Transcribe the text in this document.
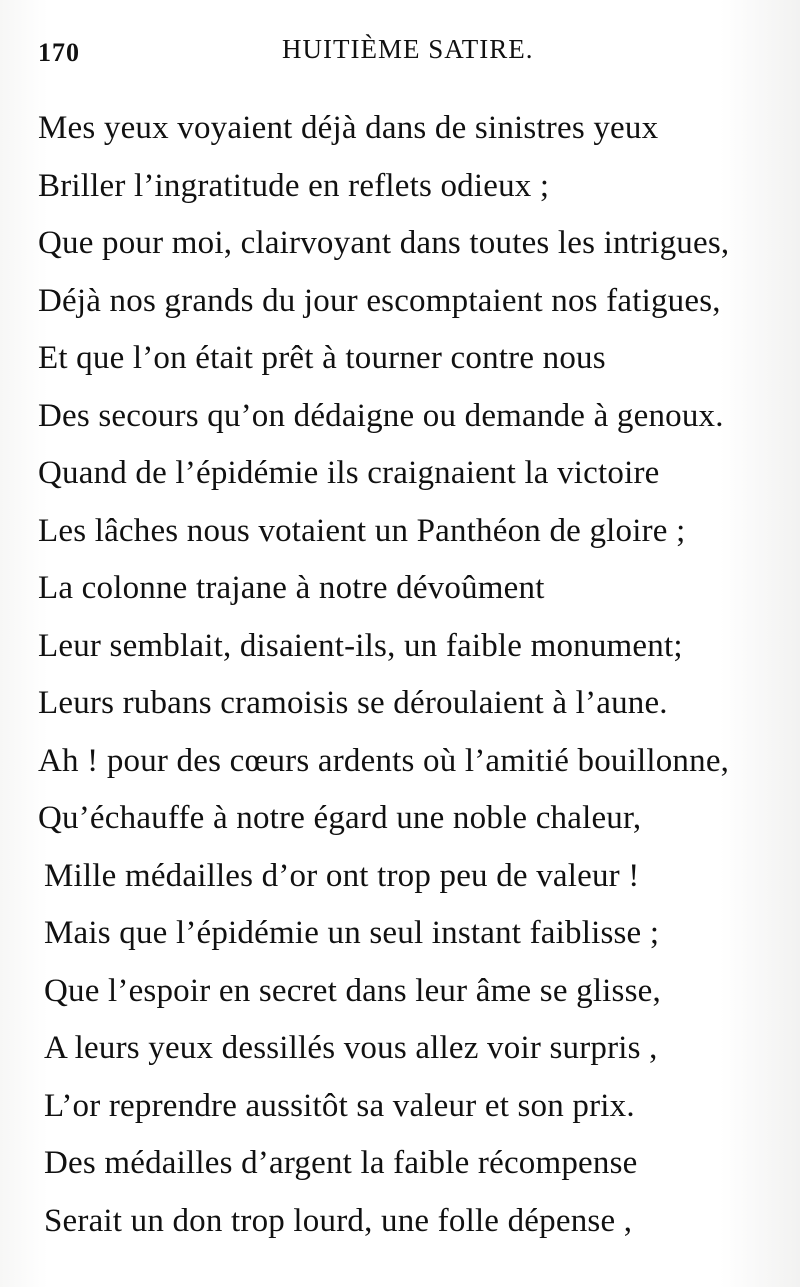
170	HUITIÈME SATIRE.
Mes yeux voyaient déjà dans de sinistres yeux
Briller l’ingratitude en reflets odieux ;
Que pour moi, clairvoyant dans toutes les intrigues,
Déjà nos grands du jour escomptaient nos fatigues,
Et que l’on était prêt à tourner contre nous
Des secours qu’on dédaigne ou demande à genoux.
Quand de l’épidémie ils craignaient la victoire
Les lâches nous votaient un Panthéon de gloire ;
La colonne trajane à notre dévoûment
Leur semblait, disaient-ils, un faible monument;
Leurs rubans cramoisis se déroulaient à l’aune.
Ah ! pour des cœurs ardents où l’amitié bouillonne,
Qu’échauffe à notre égard une noble chaleur,
Mille médailles d’or ont trop peu de valeur !
Mais que l’épidémie un seul instant faiblisse ;
Que l’espoir en secret dans leur âme se glisse,
A leurs yeux dessillés vous allez voir surpris ,
L’or reprendre aussitôt sa valeur et son prix.
Des médailles d’argent la faible récompense
Serait un don trop lourd, une folle dépense ,
